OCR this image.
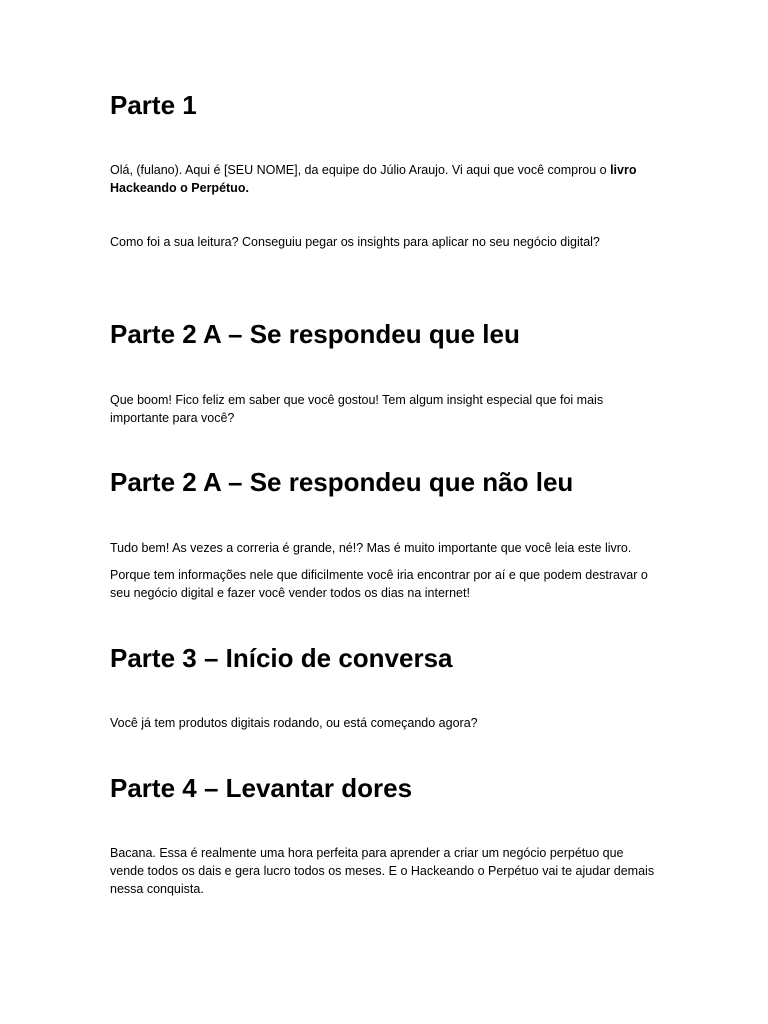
Parte 1

Olá, (fulano). Aqui é [SEU NOME], da equipe do Júlio Araujo. Vi aqui que você comprou o livro Hackeando o Perpétuo.

Como foi a sua leitura? Conseguiu pegar os insights para aplicar no seu negócio digital?

Parte 2 A – Se respondeu que leu

Que boom! Fico feliz em saber que você gostou! Tem algum insight especial que foi mais importante para você?

Parte 2 A – Se respondeu que não leu

Tudo bem! As vezes a correria é grande, né!? Mas é muito importante que você leia este livro.

Porque tem informações nele que dificilmente você iria encontrar por aí e que podem destravar o seu negócio digital e fazer você vender todos os dias na internet!

Parte 3 – Início de conversa

Você já tem produtos digitais rodando, ou está começando agora?

Parte 4 – Levantar dores

Bacana. Essa é realmente uma hora perfeita para aprender a criar um negócio perpétuo que vende todos os dais e gera lucro todos os meses. E o Hackeando o Perpétuo vai te ajudar demais nessa conquista.
